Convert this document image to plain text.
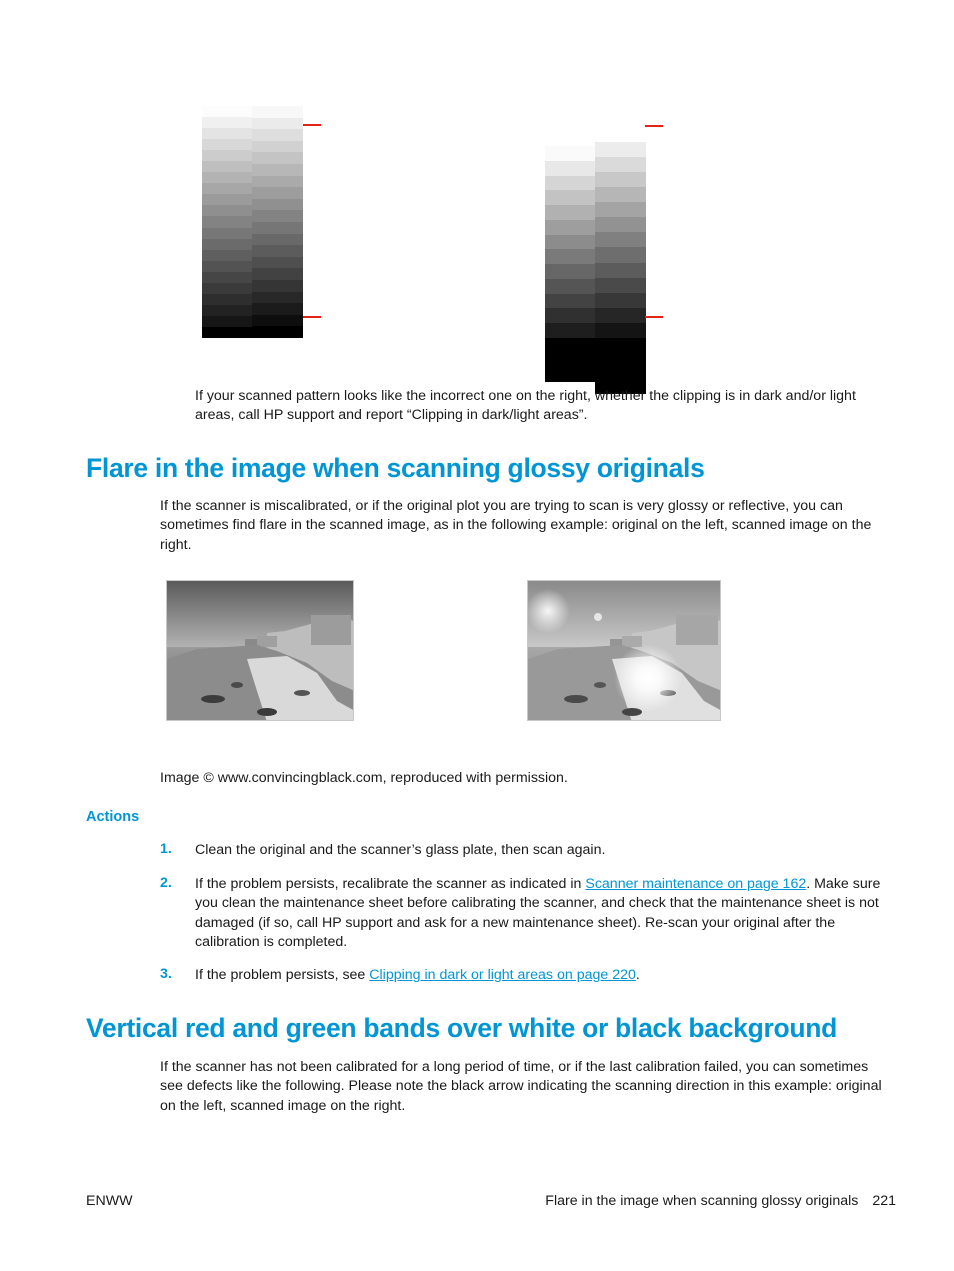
If your scanned pattern looks like the incorrect one on the right, whether the clipping is in dark and/or light areas, call HP support and report “Clipping in dark/light areas”.

Flare in the image when scanning glossy originals

If the scanner is miscalibrated, or if the original plot you are trying to scan is very glossy or reflective, you can sometimes find flare in the scanned image, as in the following example: original on the left, scanned image on the right.

Image © www.convincingblack.com, reproduced with permission.

Actions
1. Clean the original and the scanner’s glass plate, then scan again.

2. If the problem persists, recalibrate the scanner as indicated in Scanner maintenance on page 162. Make sure you clean the maintenance sheet before calibrating the scanner, and check that the maintenance sheet is not damaged (if so, call HP support and ask for a new maintenance sheet). Re-scan your original after the calibration is completed.

3. If the problem persists, see Clipping in dark or light areas on page 220.

Vertical red and green bands over white or black background

If the scanner has not been calibrated for a long period of time, or if the last calibration failed, you can sometimes see defects like the following. Please note the black arrow indicating the scanning direction in this example: original on the left, scanned image on the right.

ENWW	Flare in the image when scanning glossy originals 221
